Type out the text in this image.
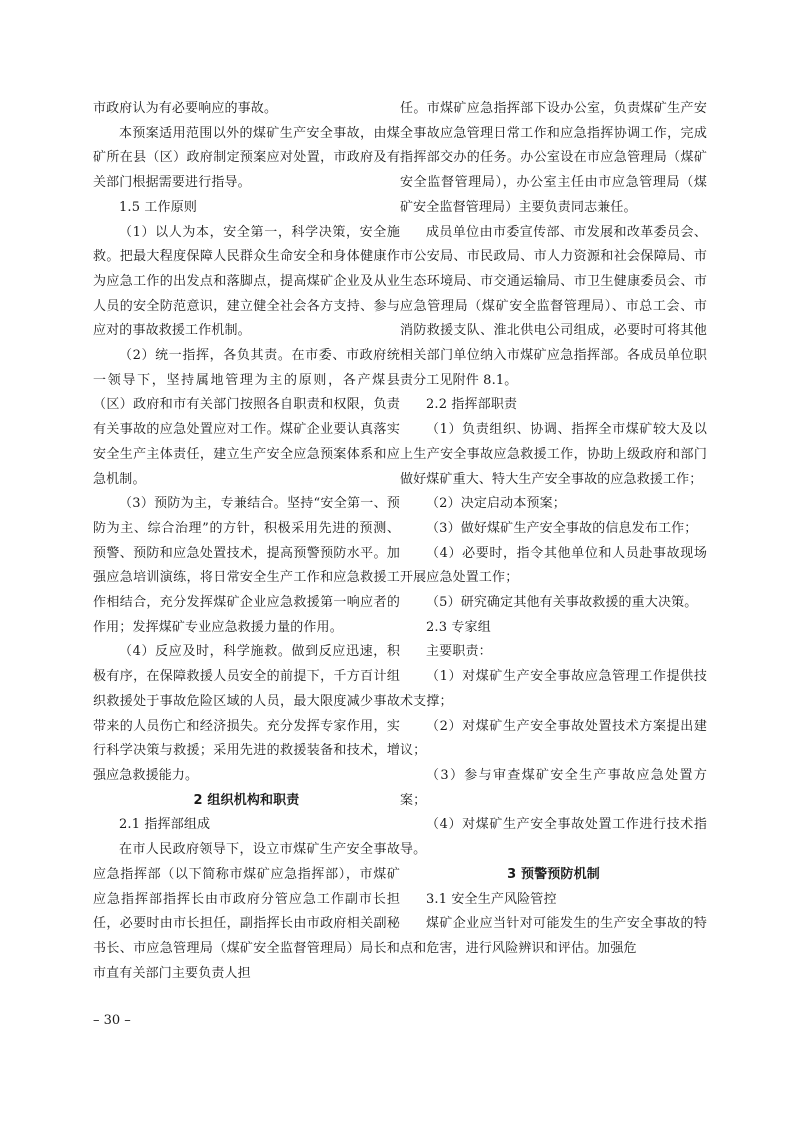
市政府认为有必要响应的事故。

本预案适用范围以外的煤矿生产安全事故，由煤矿所在县（区）政府制定预案应对处置，市政府及有关部门根据需要进行指导。

1.5 工作原则

（1）以人为本，安全第一，科学决策，安全施救。把最大程度保障人民群众生命安全和身体健康作为应急工作的出发点和落脚点，提高煤矿企业及从业人员的安全防范意识，建立健全社会各方支持、参与应对的事故救援工作机制。

（2）统一指挥，各负其责。在市委、市政府统一领导下，坚持属地管理为主的原则，各产煤县（区）政府和市有关部门按照各自职责和权限，负责有关事故的应急处置应对工作。煤矿企业要认真落实安全生产主体责任，建立生产安全应急预案体系和应急机制。

（3）预防为主，专兼结合。坚持“安全第一、预防为主、综合治理”的方针，积极采用先进的预测、预警、预防和应急处置技术，提高预警预防水平。加强应急培训演练，将日常安全生产工作和应急救援工作相结合，充分发挥煤矿企业应急救援第一响应者的作用；发挥煤矿专业应急救援力量的作用。

（4）反应及时，科学施救。做到反应迅速，积极有序，在保障救援人员安全的前提下，千方百计组织救援处于事故危险区域的人员，最大限度减少事故带来的人员伤亡和经济损失。充分发挥专家作用，实行科学决策与救援；采用先进的救援装备和技术，增强应急救援能力。

2 组织机构和职责

2.1 指挥部组成

在市人民政府领导下，设立市煤矿生产安全事故应急指挥部（以下简称市煤矿应急指挥部），市煤矿应急指挥部指挥长由市政府分管应急工作副市长担任，必要时由市长担任，副指挥长由市政府相关副秘书长、市应急管理局（煤矿安全监督管理局）局长和市直有关部门主要负责人担

任。市煤矿应急指挥部下设办公室，负责煤矿生产安全事故应急管理日常工作和应急指挥协调工作，完成指挥部交办的任务。办公室设在市应急管理局（煤矿安全监督管理局），办公室主任由市应急管理局（煤矿安全监督管理局）主要负责同志兼任。

成员单位由市委宣传部、市发展和改革委员会、市公安局、市民政局、市人力资源和社会保障局、市生态环境局、市交通运输局、市卫生健康委员会、市应急管理局（煤矿安全监督管理局）、市总工会、市消防救援支队、淮北供电公司组成，必要时可将其他相关部门单位纳入市煤矿应急指挥部。各成员单位职责分工见附件 8.1。

2.2 指挥部职责

（1）负责组织、协调、指挥全市煤矿较大及以上生产安全事故应急救援工作，协助上级政府和部门做好煤矿重大、特大生产安全事故的应急救援工作；

（2）决定启动本预案；

（3）做好煤矿生产安全事故的信息发布工作；

（4）必要时，指令其他单位和人员赴事故现场开展应急处置工作；

（5）研究确定其他有关事故救援的重大决策。

2.3 专家组

主要职责：

（1）对煤矿生产安全事故应急管理工作提供技术支撑；

（2）对煤矿生产安全事故处置技术方案提出建议；

（3）参与审查煤矿安全生产事故应急处置方案；

（4）对煤矿生产安全事故处置工作进行技术指导。

3 预警预防机制

3.1 安全生产风险管控

煤矿企业应当针对可能发生的生产安全事故的特点和危害，进行风险辨识和评估。加强危

– 30 –
